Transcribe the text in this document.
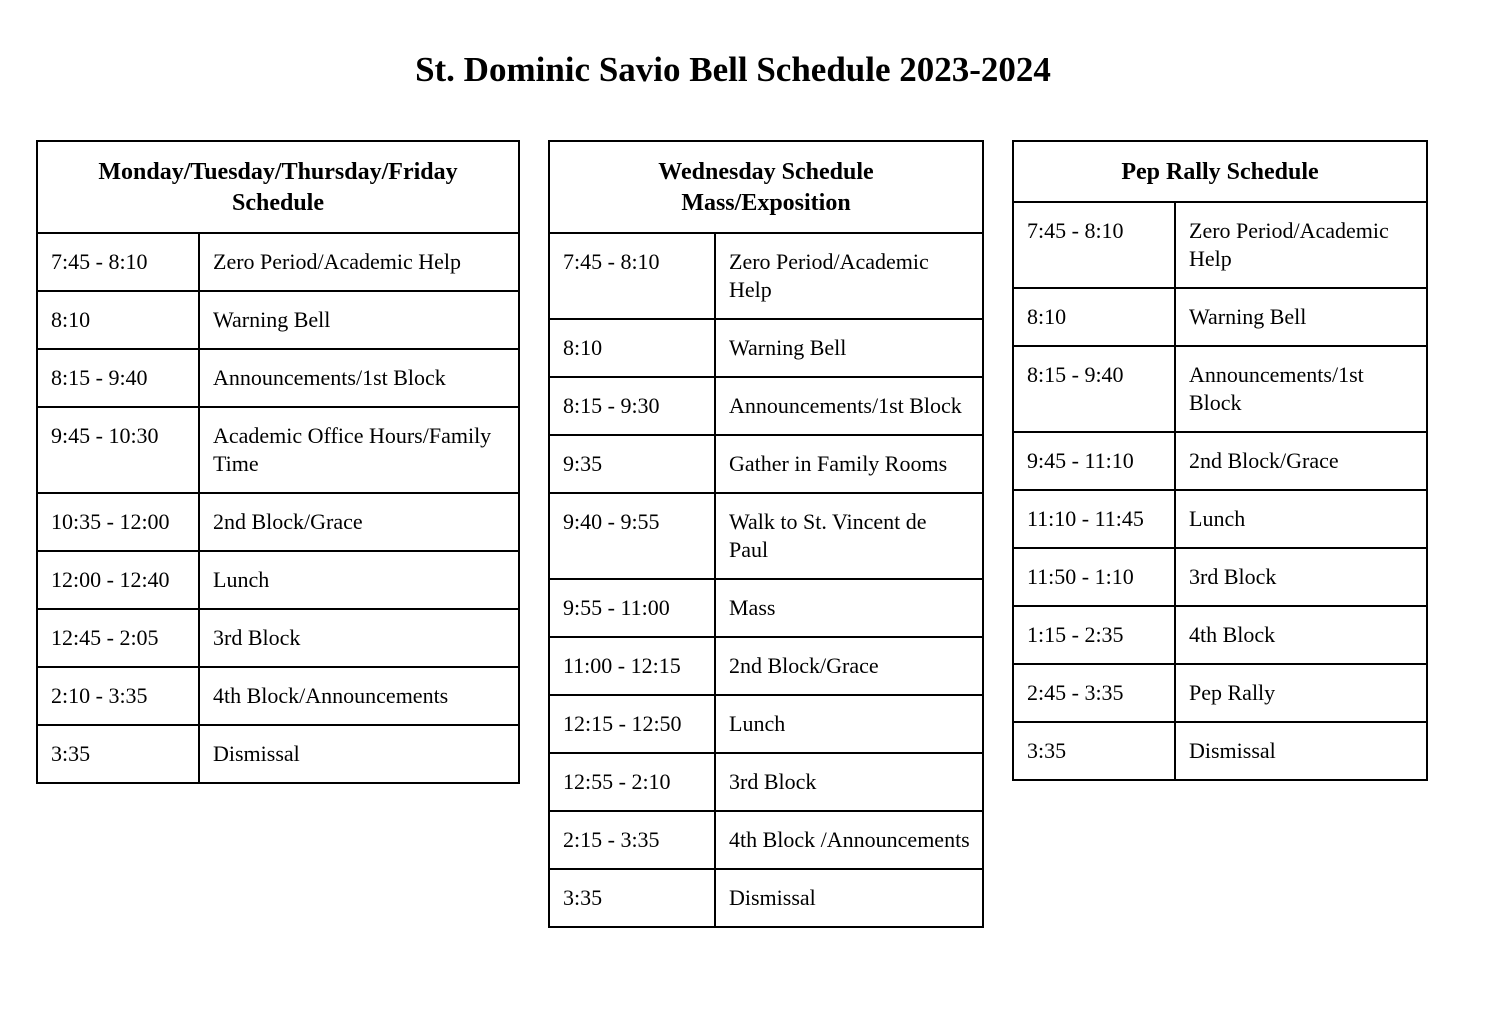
St. Dominic Savio Bell Schedule 2023-2024
Monday/Tuesday/Thursday/Friday
Schedule	
7:45 - 8:10	Zero Period/Academic Help
8:10	Warning Bell
8:15 - 9:40	Announcements/1st Block
9:45 - 10:30	Academic Office Hours/Family Time
10:35 - 12:00	2nd Block/Grace
12:00 - 12:40	Lunch
12:45 - 2:05	3rd Block
2:10 - 3:35	4th Block/Announcements
3:35	Dismissal
Wednesday Schedule
Mass/Exposition	
7:45 - 8:10	Zero Period/Academic Help
8:10	Warning Bell
8:15 - 9:30	Announcements/1st Block
9:35	Gather in Family Rooms
9:40 - 9:55	Walk to St. Vincent de Paul
9:55 - 11:00	Mass
11:00 - 12:15	2nd Block/Grace
12:15 - 12:50	Lunch
12:55 - 2:10	3rd Block
2:15 - 3:35	4th Block /Announcements
3:35	Dismissal
Pep Rally Schedule	
7:45 - 8:10	Zero Period/Academic Help
8:10	Warning Bell
8:15 - 9:40	Announcements/1st Block
9:45 - 11:10	2nd Block/Grace
11:10 - 11:45	Lunch
11:50 - 1:10	3rd Block
1:15 - 2:35	4th Block
2:45 - 3:35	Pep Rally
3:35	Dismissal
